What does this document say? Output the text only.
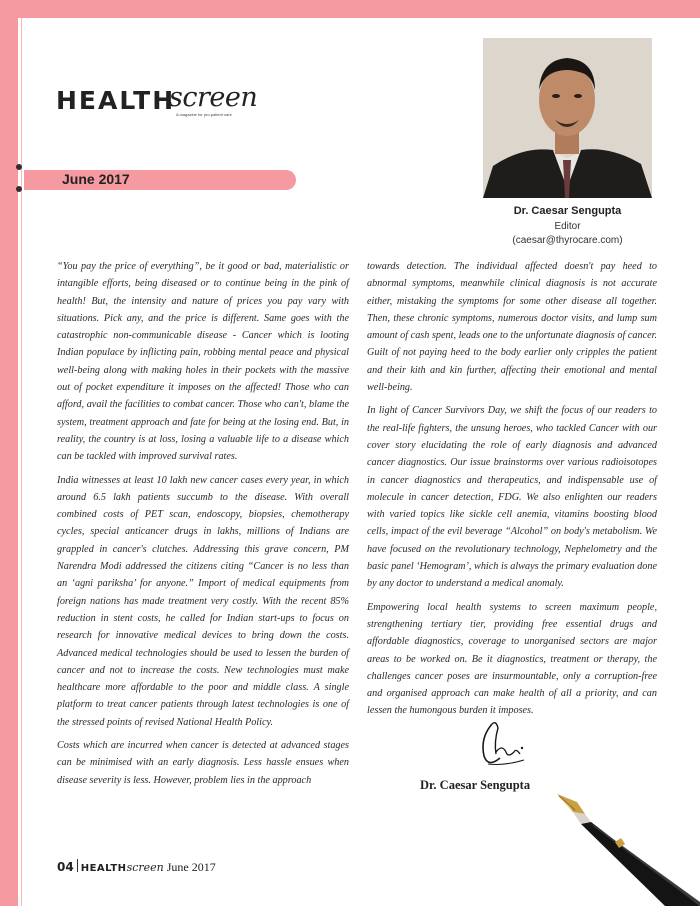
HEALTH
screen
A magazine for pro-patient care
June 2017
Dr. Caesar Sengupta
Editor
(caesar@thyrocare.com)

“You pay the price of everything”, be it good or bad, materialistic or intangible efforts, being diseased or to continue being in the pink of health! But, the intensity and nature of prices you pay vary with situations. Pick any, and the price is different. Same goes with the catastrophic non-communicable disease - Cancer which is looting Indian populace by inflicting pain, robbing mental peace and physical well-being along with making holes in their pockets with the massive out of pocket expenditure it imposes on the affected! Those who can afford, avail the facilities to combat cancer. Those who can't, blame the system, treatment approach and fate for being at the losing end. But, in reality, the country is at loss, losing a valuable life to a disease which can be tackled with improved survival rates.

India witnesses at least 10 lakh new cancer cases every year, in which around 6.5 lakh patients succumb to the disease. With overall combined costs of PET scan, endoscopy, biopsies, chemotherapy cycles, special anticancer drugs in lakhs, millions of Indians are grappled in cancer's clutches. Addressing this grave concern, PM Narendra Modi addressed the citizens citing “Cancer is no less than an ‘agni pariksha’ for anyone.” Import of medical equipments from foreign nations has made treatment very costly. With the recent 85% reduction in stent costs, he called for Indian start-ups to focus on research for innovative medical devices to bring down the costs. Advanced medical technologies should be used to lessen the burden of cancer and not to increase the costs. New technologies must make healthcare more affordable to the poor and middle class. A single platform to treat cancer patients through latest technologies is one of the stressed points of revised National Health Policy.

Costs which are incurred when cancer is detected at advanced stages can be minimised with an early diagnosis. Less hassle ensues when disease severity is less. However, problem lies in the approach

towards detection. The individual affected doesn't pay heed to abnormal symptoms, meanwhile clinical diagnosis is not accurate either, mistaking the symptoms for some other disease all together. Then, these chronic symptoms, numerous doctor visits, and lump sum amount of cash spent, leads one to the unfortunate diagnosis of cancer. Guilt of not paying heed to the body earlier only cripples the patient and their kith and kin further, affecting their emotional and mental well-being.

In light of Cancer Survivors Day, we shift the focus of our readers to the real-life fighters, the unsung heroes, who tackled Cancer with our cover story elucidating the role of early diagnosis and advanced cancer diagnostics. Our issue brainstorms over various radioisotopes in cancer diagnostics and therapeutics, and indispensable use of molecule in cancer detection, FDG. We also enlighten our readers with varied topics like sickle cell anemia, vitamins boosting blood cells, impact of the evil beverage “Alcohol” on body's metabolism. We have focused on the revolutionary technology, Nephelometry and the basic panel ‘Hemogram’, which is always the primary evaluation done by any doctor to understand a medical anomaly.

Empowering local health systems to screen maximum people, strengthening tertiary tier, providing free essential drugs and affordable diagnostics, coverage to unorganised sectors are major areas to be worked on. Be it diagnostics, treatment or therapy, the challenges cancer poses are insurmountable, only a corruption-free and organised approach can make health of all a priority, and can lessen the humongous burden it imposes.

Dr. Caesar Sengupta
04 HEALTHscreen June 2017
